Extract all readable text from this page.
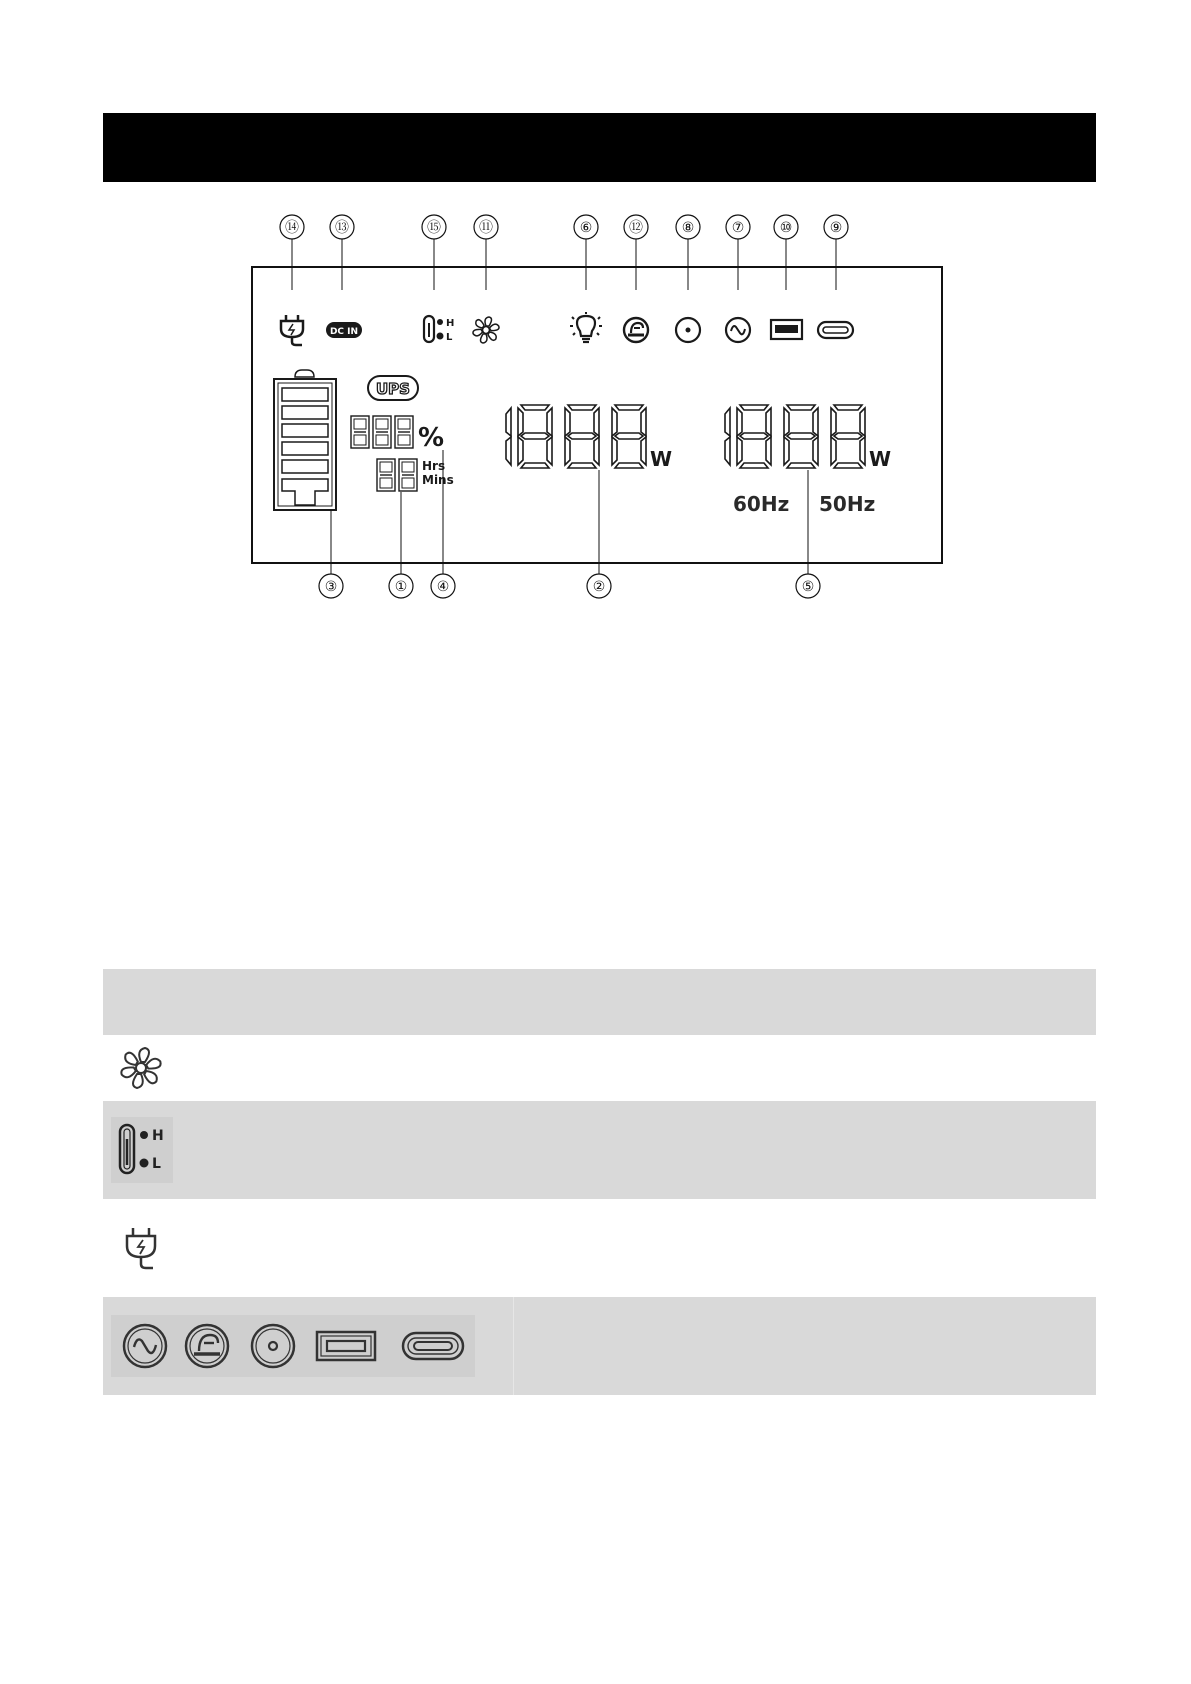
⑭	⑬	⑮	⑪	⑥	⑫	⑧	⑦	⑩	⑨
DC IN
H
L
UPS
%
Hrs
Mins
W	W
60Hz 50Hz
③	① ④	②	⑤
H
L
